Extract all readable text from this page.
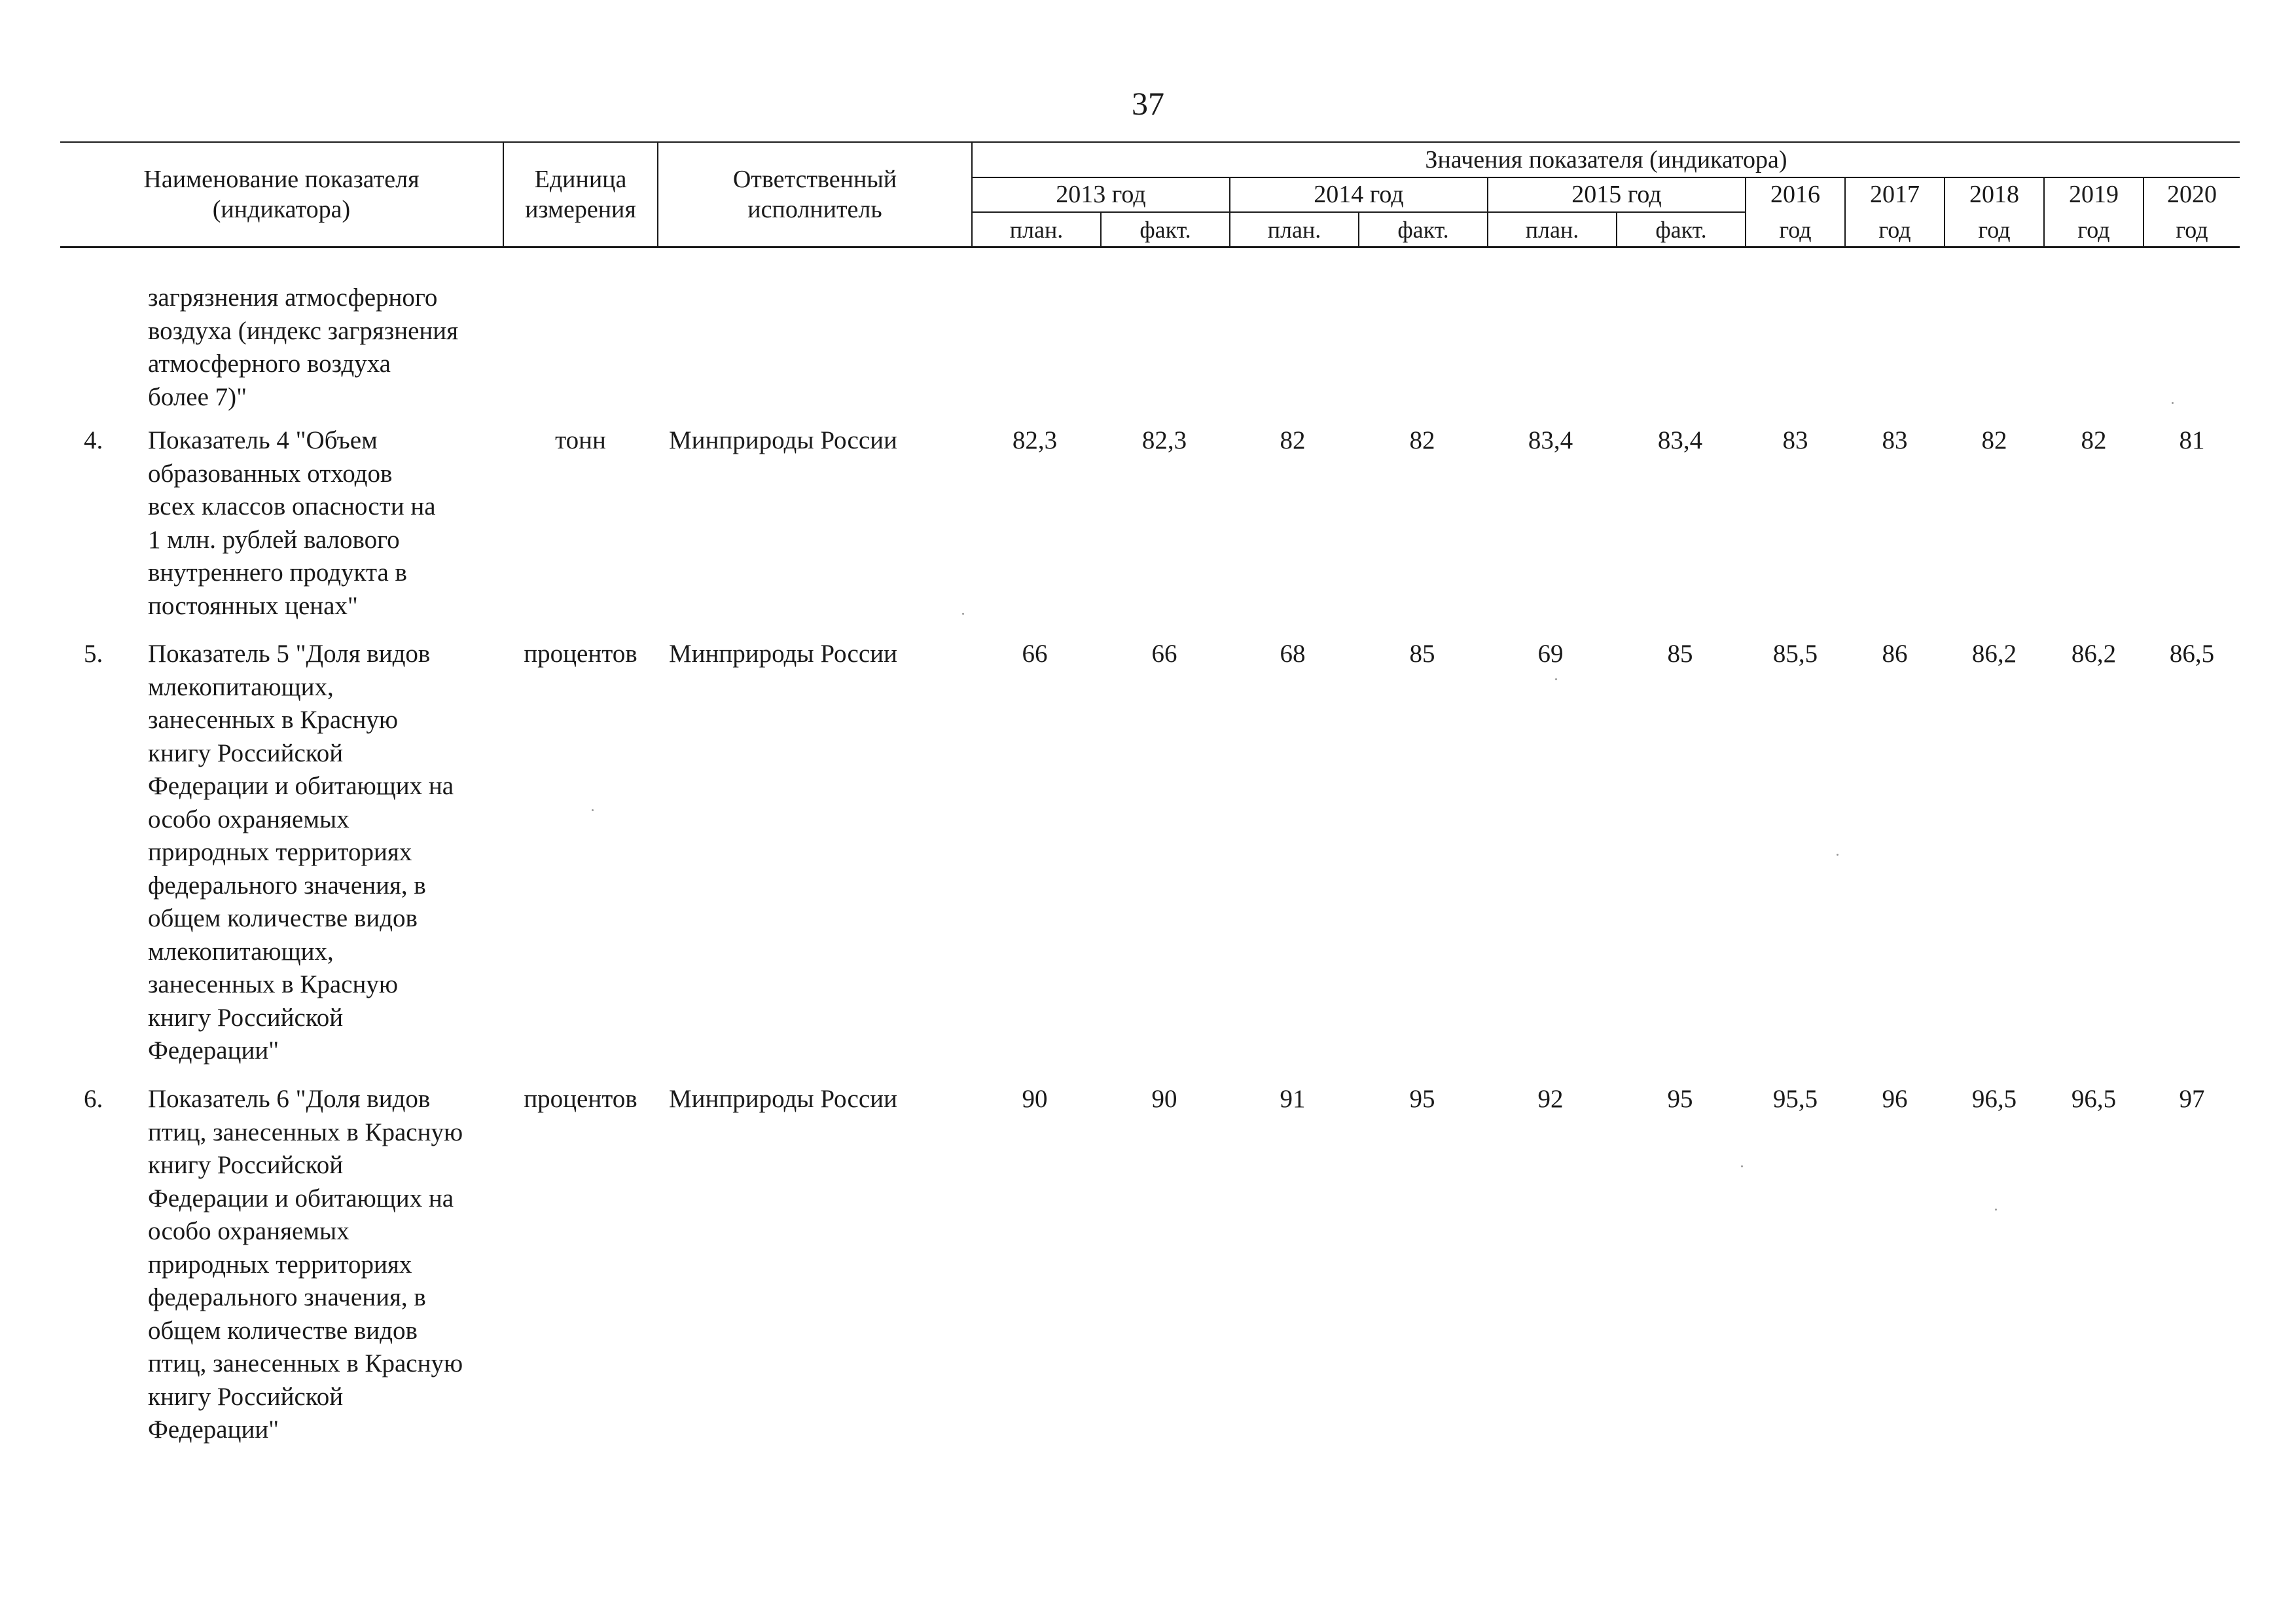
37
Наименование показателя
(индикатора)
Единица
измерения
Ответственный
исполнитель
Значения показателя (индикатора)
2013 год	2014 год	2015 год	2016	2017	2018	2019	2020
план.	факт.	план.	факт.	план.	факт.	год	год	год	год	год
загрязнения атмосферного
воздуха (индекс загрязнения
атмосферного воздуха
более 7)"
4. Показатель 4 "Объем
образованных отходов
всех классов опасности на
1 млн. рублей валового
внутреннего продукта в
постоянных ценах"
тонн	Минприроды России	82,3	82,3	82	82	83,4	83,4	83	83	82	82	81
5. Показатель 5 "Доля видов
млекопитающих,
занесенных в Красную
книгу Российской
Федерации и обитающих на
особо охраняемых
природных территориях
федерального значения, в
общем количестве видов
млекопитающих,
занесенных в Красную
книгу Российской
Федерации"
процентов	Минприроды России	66	66	68	85	69	85	85,5	86	86,2	86,2	86,5
6. Показатель 6 "Доля видов
птиц, занесенных в Красную
книгу Российской
Федерации и обитающих на
особо охраняемых
природных территориях
федерального значения, в
общем количестве видов
птиц, занесенных в Красную
книгу Российской
Федерации"
процентов	Минприроды России	90	90	91	95	92	95	95,5	96	96,5	96,5	97
